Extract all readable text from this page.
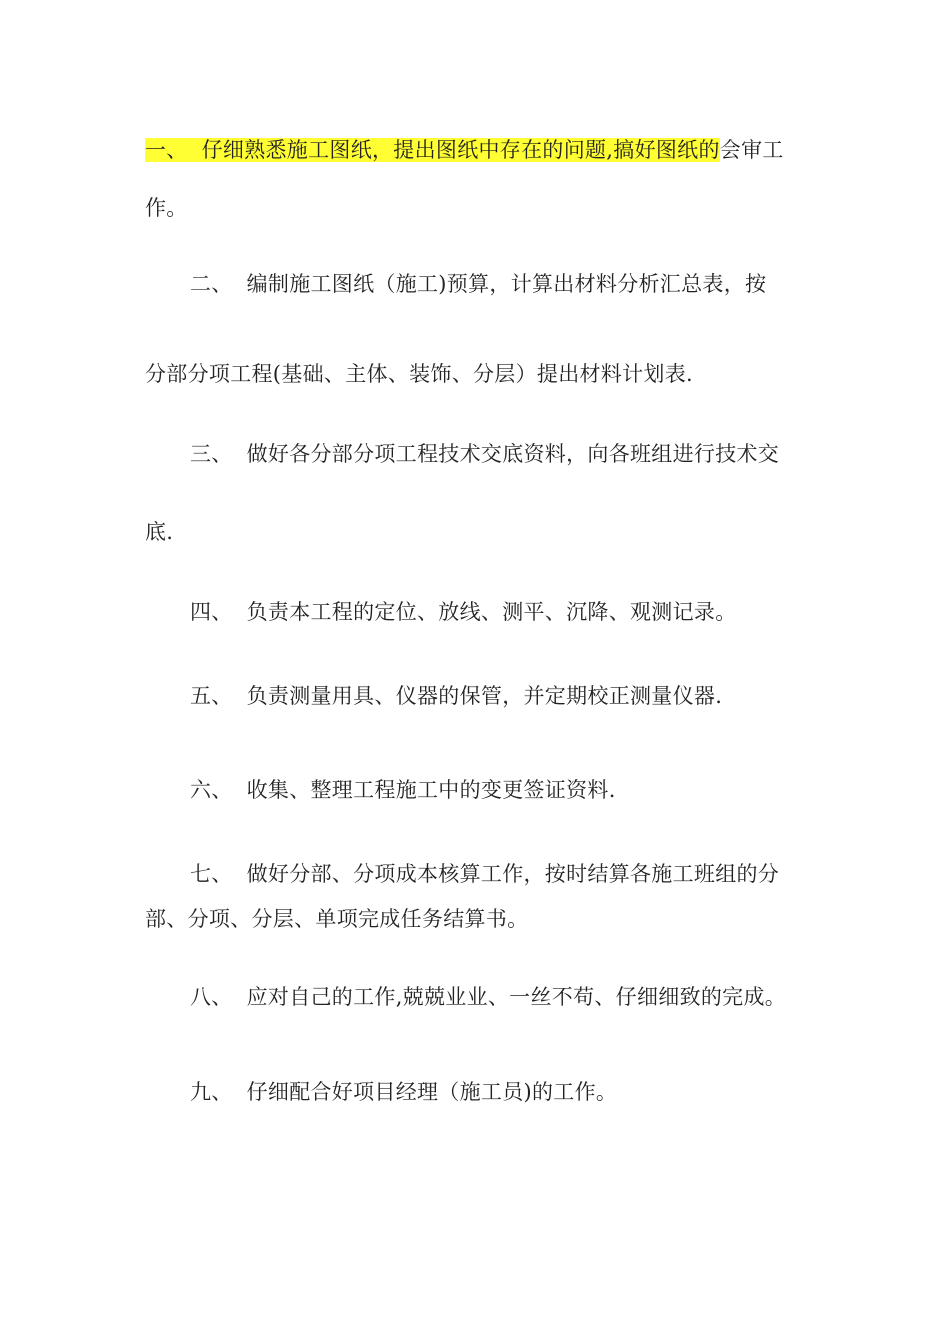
一、 仔细熟悉施工图纸，提出图纸中存在的问题,搞好图纸的会审工
作。
二、 编制施工图纸（施工)预算，计算出材料分析汇总表，按
分部分项工程(基础、主体、装饰、分层）提出材料计划表.
三、 做好各分部分项工程技术交底资料，向各班组进行技术交
底.
四、 负责本工程的定位、放线、测平、沉降、观测记录。
五、 负责测量用具、仪器的保管，并定期校正测量仪器.
六、 收集、整理工程施工中的变更签证资料.
七、 做好分部、分项成本核算工作，按时结算各施工班组的分
部、分项、分层、单项完成任务结算书。
八、 应对自己的工作,兢兢业业、一丝不苟、仔细细致的完成。
九、 仔细配合好项目经理（施工员)的工作。
